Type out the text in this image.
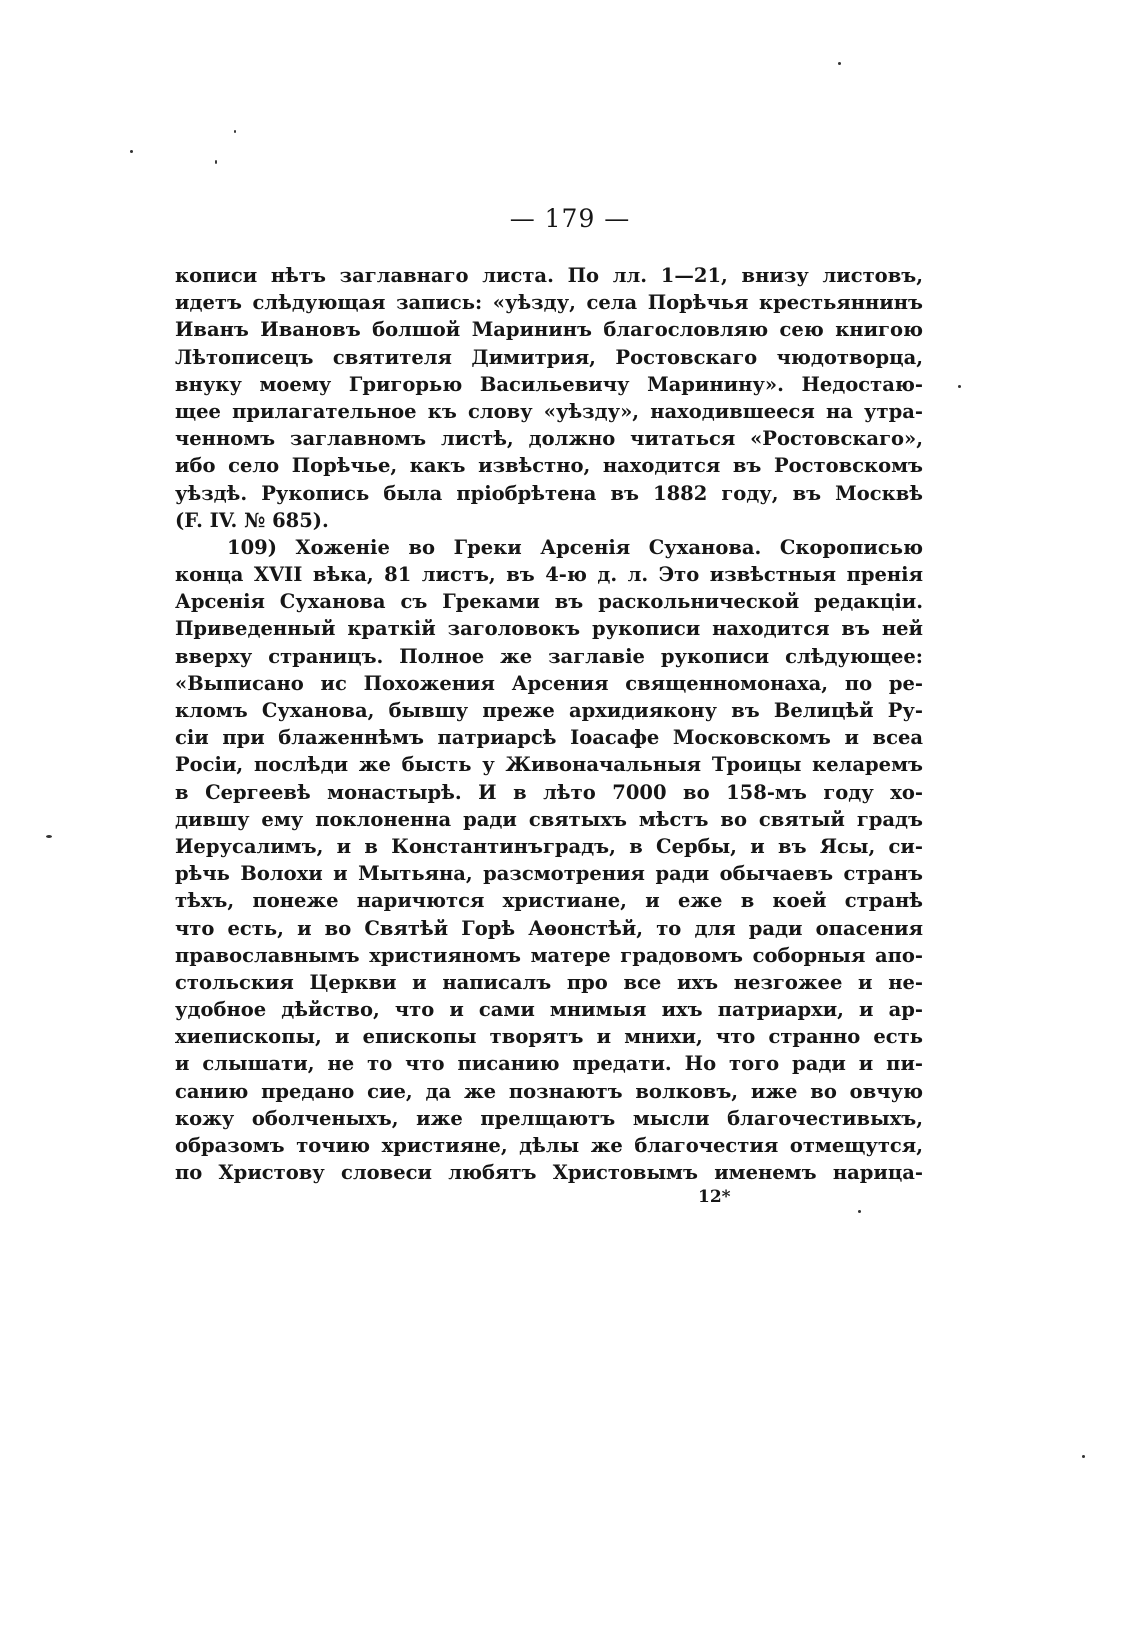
— 179 —
кописи нѣтъ заглавнаго листа. По лл. 1—21, внизу листовъ,
идетъ слѣдующая запись: «уѣзду, села Порѣчья крестьяннинъ
Иванъ Ивановъ болшой Марининъ благословляю сею книгою
Лѣтописецъ святителя Димитрия, Ростовскаго чюдотворца,
внуку моему Григорью Васильевичу Маринину». Недостаю-
щее прилагательное къ слову «уѣзду», находившееся на утра-
ченномъ заглавномъ листѣ, должно читаться «Ростовскаго»,
ибо село Порѣчье, какъ извѣстно, находится въ Ростовскомъ
уѣздѣ. Рукопись была пріобрѣтена въ 1882 году, въ Москвѣ
(F. IV. № 685).
109) Хоженіе во Греки Арсенія Суханова. Скорописью
конца XVII вѣка, 81 листъ, въ 4-ю д. л. Это извѣстныя пренія
Арсенія Суханова съ Греками въ раскольнической редакціи.
Приведенный краткій заголовокъ рукописи находится въ ней
вверху страницъ. Полное же заглавіе рукописи слѣдующее:
«Выписано ис Похожения Арсения священномонаха, по ре-
кломъ Суханова, бывшу преже архидиякону въ Велицѣй Ру-
сіи при блаженнѣмъ патриарсѣ Іоасафе Московскомъ и всеа
Росіи, послѣди же бысть у Живоначальныя Троицы келаремъ
в Сергеевѣ монастырѣ. И в лѣто 7000 во 158-мъ году хо-
дившу ему поклоненна ради святыхъ мѣстъ во святый градъ
Иерусалимъ, и в Константинъградъ, в Сербы, и въ Ясы, си-
рѣчь Волохи и Мытьяна, разсмотрения ради обычаевъ странъ
тѣхъ, понеже наричются христиане, и еже в коей странѣ
что есть, и во Святѣй Горѣ Аѳонстѣй, то для ради опасения
православнымъ християномъ матере градовомъ соборныя апо-
стольския Церкви и написалъ про все ихъ незгожее и не-
удобное дѣйство, что и сами мнимыя ихъ патриархи, и ар-
хиепископы, и епископы творятъ и мнихи, что странно есть
и слышати, не то что писанию предати. Но того ради и пи-
санию предано сие, да же познаютъ волковъ, иже во овчую
кожу оболченыхъ, иже прелщаютъ мысли благочестивыхъ,
образомъ точию християне, дѣлы же благочестия отмещутся,
по Христову словеси любятъ Христовымъ именемъ нарица-
12*
